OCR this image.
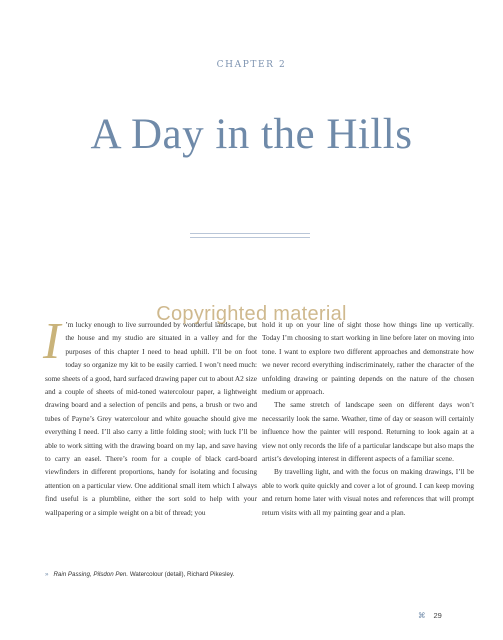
CHAPTER 2
A Day in the Hills

I ’m lucky enough to live surrounded by wonderful landscape, but the house and my studio are situated in a valley and for the purposes of this chapter I need to head uphill. I’ll be on foot today so organize my kit to be easily carried. I won’t need much: some sheets of a good, hard surfaced drawing paper cut to about A2 size and a couple of sheets of mid-toned watercolour paper, a lightweight drawing board and a selection of pencils and pens, a brush or two and tubes of Payne’s Grey watercolour and white gouache should give me everything I need. I’ll also carry a little folding stool; with luck I’ll be able to work sitting with the drawing board on my lap, and save having to carry an easel. There’s room for a couple of black card-board viewfinders in different proportions, handy for isolating and focusing attention on a particular view. One additional small item which I always find useful is a plumbline, either the sort sold to help with your wallpapering or a simple weight on a bit of thread; you

hold it up on your line of sight those how things line up vertically. Today I’m choosing to start working in line before later on moving into tone. I want to explore two different approaches and demonstrate how we never record everything indiscriminately, rather the character of the unfolding drawing or painting depends on the nature of the chosen medium or approach.

The same stretch of landscape seen on different days won’t necessarily look the same. Weather, time of day or season will certainly influence how the painter will respond. Returning to look again at a view not only records the life of a particular landscape but also maps the artist’s developing interest in different aspects of a familiar scene.

By travelling light, and with the focus on making drawings, I’ll be able to work quite quickly and cover a lot of ground. I can keep moving and return home later with visual notes and references that will prompt return visits with all my painting gear and a plan.

Copyrighted material
» Rain Passing, Pilsdon Pen. Watercolour (detail), Richard Pikesley.
⌘ 29
